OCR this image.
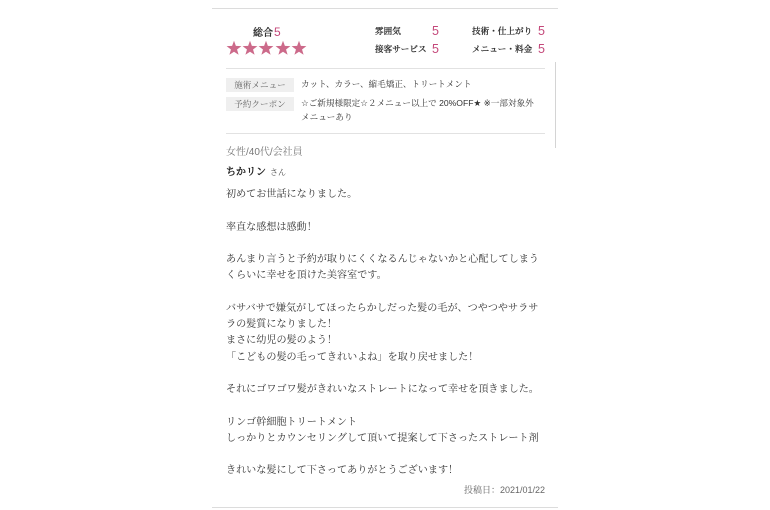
総合5	雰囲気	5	技術・仕上がり 5
接客サービス 5	メニュー・料金 5
施術メニュー	カット、カラー、縮毛矯正、トリートメント
予約クーポン	☆ご新規様限定☆２メニュー以上で 20%OFF★ ※一部対象外
メニューあり
女性/40代/会社員
ちかリン さん
初めてお世話になりました。
率直な感想は感動！
あんまり言うと予約が取りにくくなるんじゃないかと心配してしまう
くらいに幸せを頂けた美容室です。
バサバサで嫌気がしてほったらかしだった髪の毛が、つやつやサラサ
ラの髪質になりました！
まさに幼児の髪のよう！
「こどもの髪の毛ってきれいよね」を取り戻せました！
それにゴワゴワ髪がきれいなストレートになって幸せを頂きました。
リンゴ幹細胞トリートメント
しっかりとカウンセリングして頂いて提案して下さったストレート剤
きれいな髪にして下さってありがとうございます！
投稿日：2021/01/22
